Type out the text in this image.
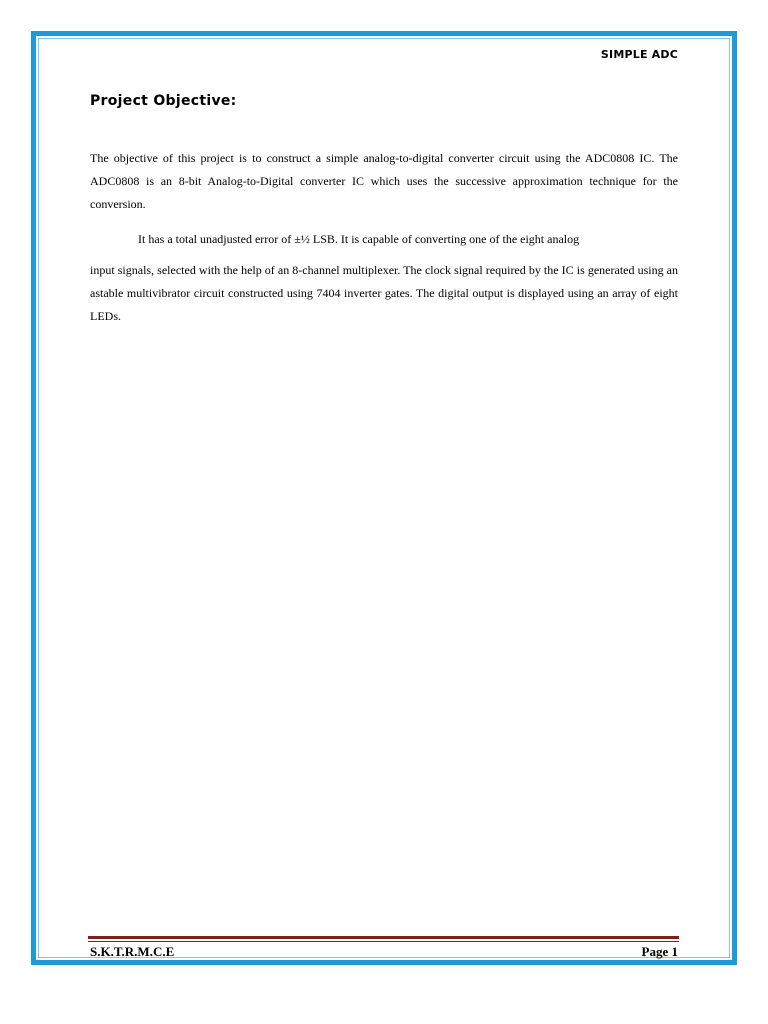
SIMPLE ADC
Project Objective:
The objective of this project is to construct a simple analog-to-digital converter circuit using the ADC0808 IC. The ADC0808 is an 8-bit Analog-to-Digital converter IC which uses the successive approximation technique for the conversion.
It has a total unadjusted error of ±½ LSB. It is capable of converting one of the eight analog
input signals, selected with the help of an 8-channel multiplexer. The clock signal required by the IC is generated using an astable multivibrator circuit constructed using 7404 inverter gates. The digital output is displayed using an array of eight LEDs.
S.K.T.R.M.C.E	Page 1
